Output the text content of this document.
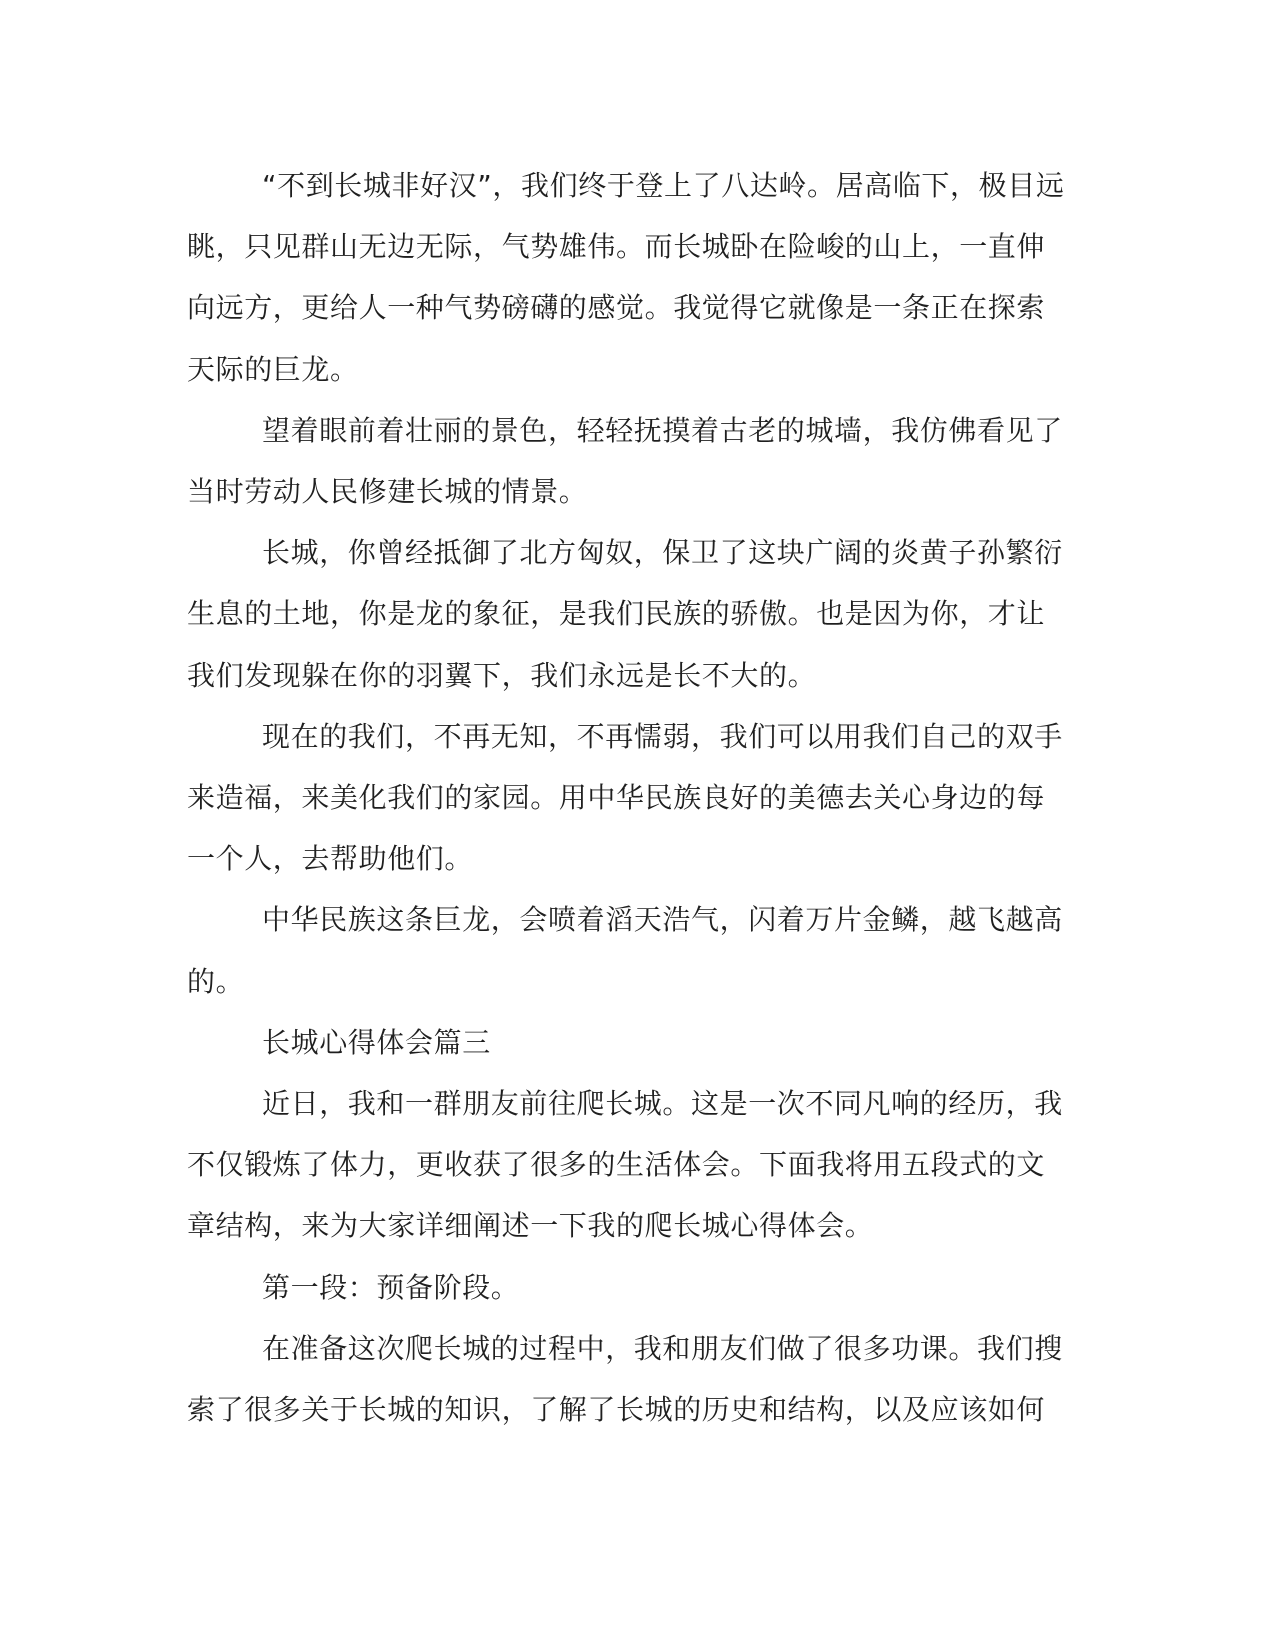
“不到长城非好汉”，我们终于登上了八达岭。居高临下，极目远
眺，只见群山无边无际，气势雄伟。而长城卧在险峻的山上，一直伸
向远方，更给人一种气势磅礴的感觉。我觉得它就像是一条正在探索
天际的巨龙。

望着眼前着壮丽的景色，轻轻抚摸着古老的城墙，我仿佛看见了
当时劳动人民修建长城的情景。

长城，你曾经抵御了北方匈奴，保卫了这块广阔的炎黄子孙繁衍
生息的土地，你是龙的象征，是我们民族的骄傲。也是因为你，才让
我们发现躲在你的羽翼下，我们永远是长不大的。

现在的我们，不再无知，不再懦弱，我们可以用我们自己的双手
来造福，来美化我们的家园。用中华民族良好的美德去关心身边的每
一个人，去帮助他们。

中华民族这条巨龙，会喷着滔天浩气，闪着万片金鳞，越飞越高
的。

长城心得体会篇三

近日，我和一群朋友前往爬长城。这是一次不同凡响的经历，我
不仅锻炼了体力，更收获了很多的生活体会。下面我将用五段式的文
章结构，来为大家详细阐述一下我的爬长城心得体会。

第一段：预备阶段。

在准备这次爬长城的过程中，我和朋友们做了很多功课。我们搜
索了很多关于长城的知识，了解了长城的历史和结构，以及应该如何
